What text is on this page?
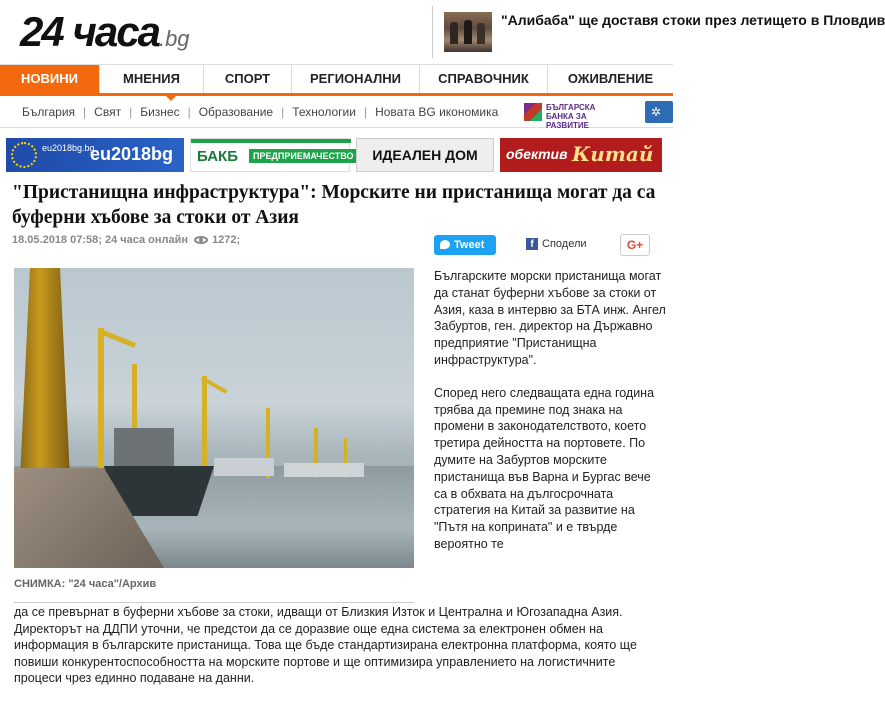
24 часа.bg
"Алибаба" ще доставя стоки през летището в Пловдив
НОВИНИ	МНЕНИЯ	СПОРТ	РЕГИОНАЛНИ	СПРАВОЧНИК	ОЖИВЛЕНИЕ
България | Свят | Бизнес | Образование | Технологии | Новата BG икономика	БЪЛГАРСКА БАНКА ЗА РАЗВИТИЕ
✲
eu2018bg.bg
eu2018bg БАКБ	ПРЕДПРИЕМАЧЕСТВО	ИДЕАЛЕН ДОМ	обектив Китай
"Пристанищна инфраструктура": Морските ни пристанища могат да са буферни хъбове за стоки от Азия
18.05.2018 07:58; 24 часа онлайн 1272;	Tweet	f Сподели	G+
СНИМКА: "24 часа"/Архив

Българските морски пристанища могат да станат буферни хъбове за стоки от Азия, каза в интервю за БТА инж. Ангел Забуртов, ген. директор на Държавно предприятие "Пристанищна инфраструктура".

Според него следващата една година трябва да премине под знака на промени в законодателството, което третира дейността на портовете. По думите на Забуртов морските пристанища във Варна и Бургас вече са в обхвата на дългосрочната стратегия на Китай за развитие на "Пътя на коприната" и е твърде вероятно те

да се превърнат в буферни хъбове за стоки, идващи от Близкия Изток и Централна и Югозападна Азия. Директорът на ДДПИ уточни, че предстои да се доразвие още една система за електронен обмен на информация в българските пристанища. Това ще бъде стандартизирана електронна платформа, която ще повиши конкурентоспособността на морските портове и ще оптимизира управлението на логистичните процеси чрез единно подаване на данни.
